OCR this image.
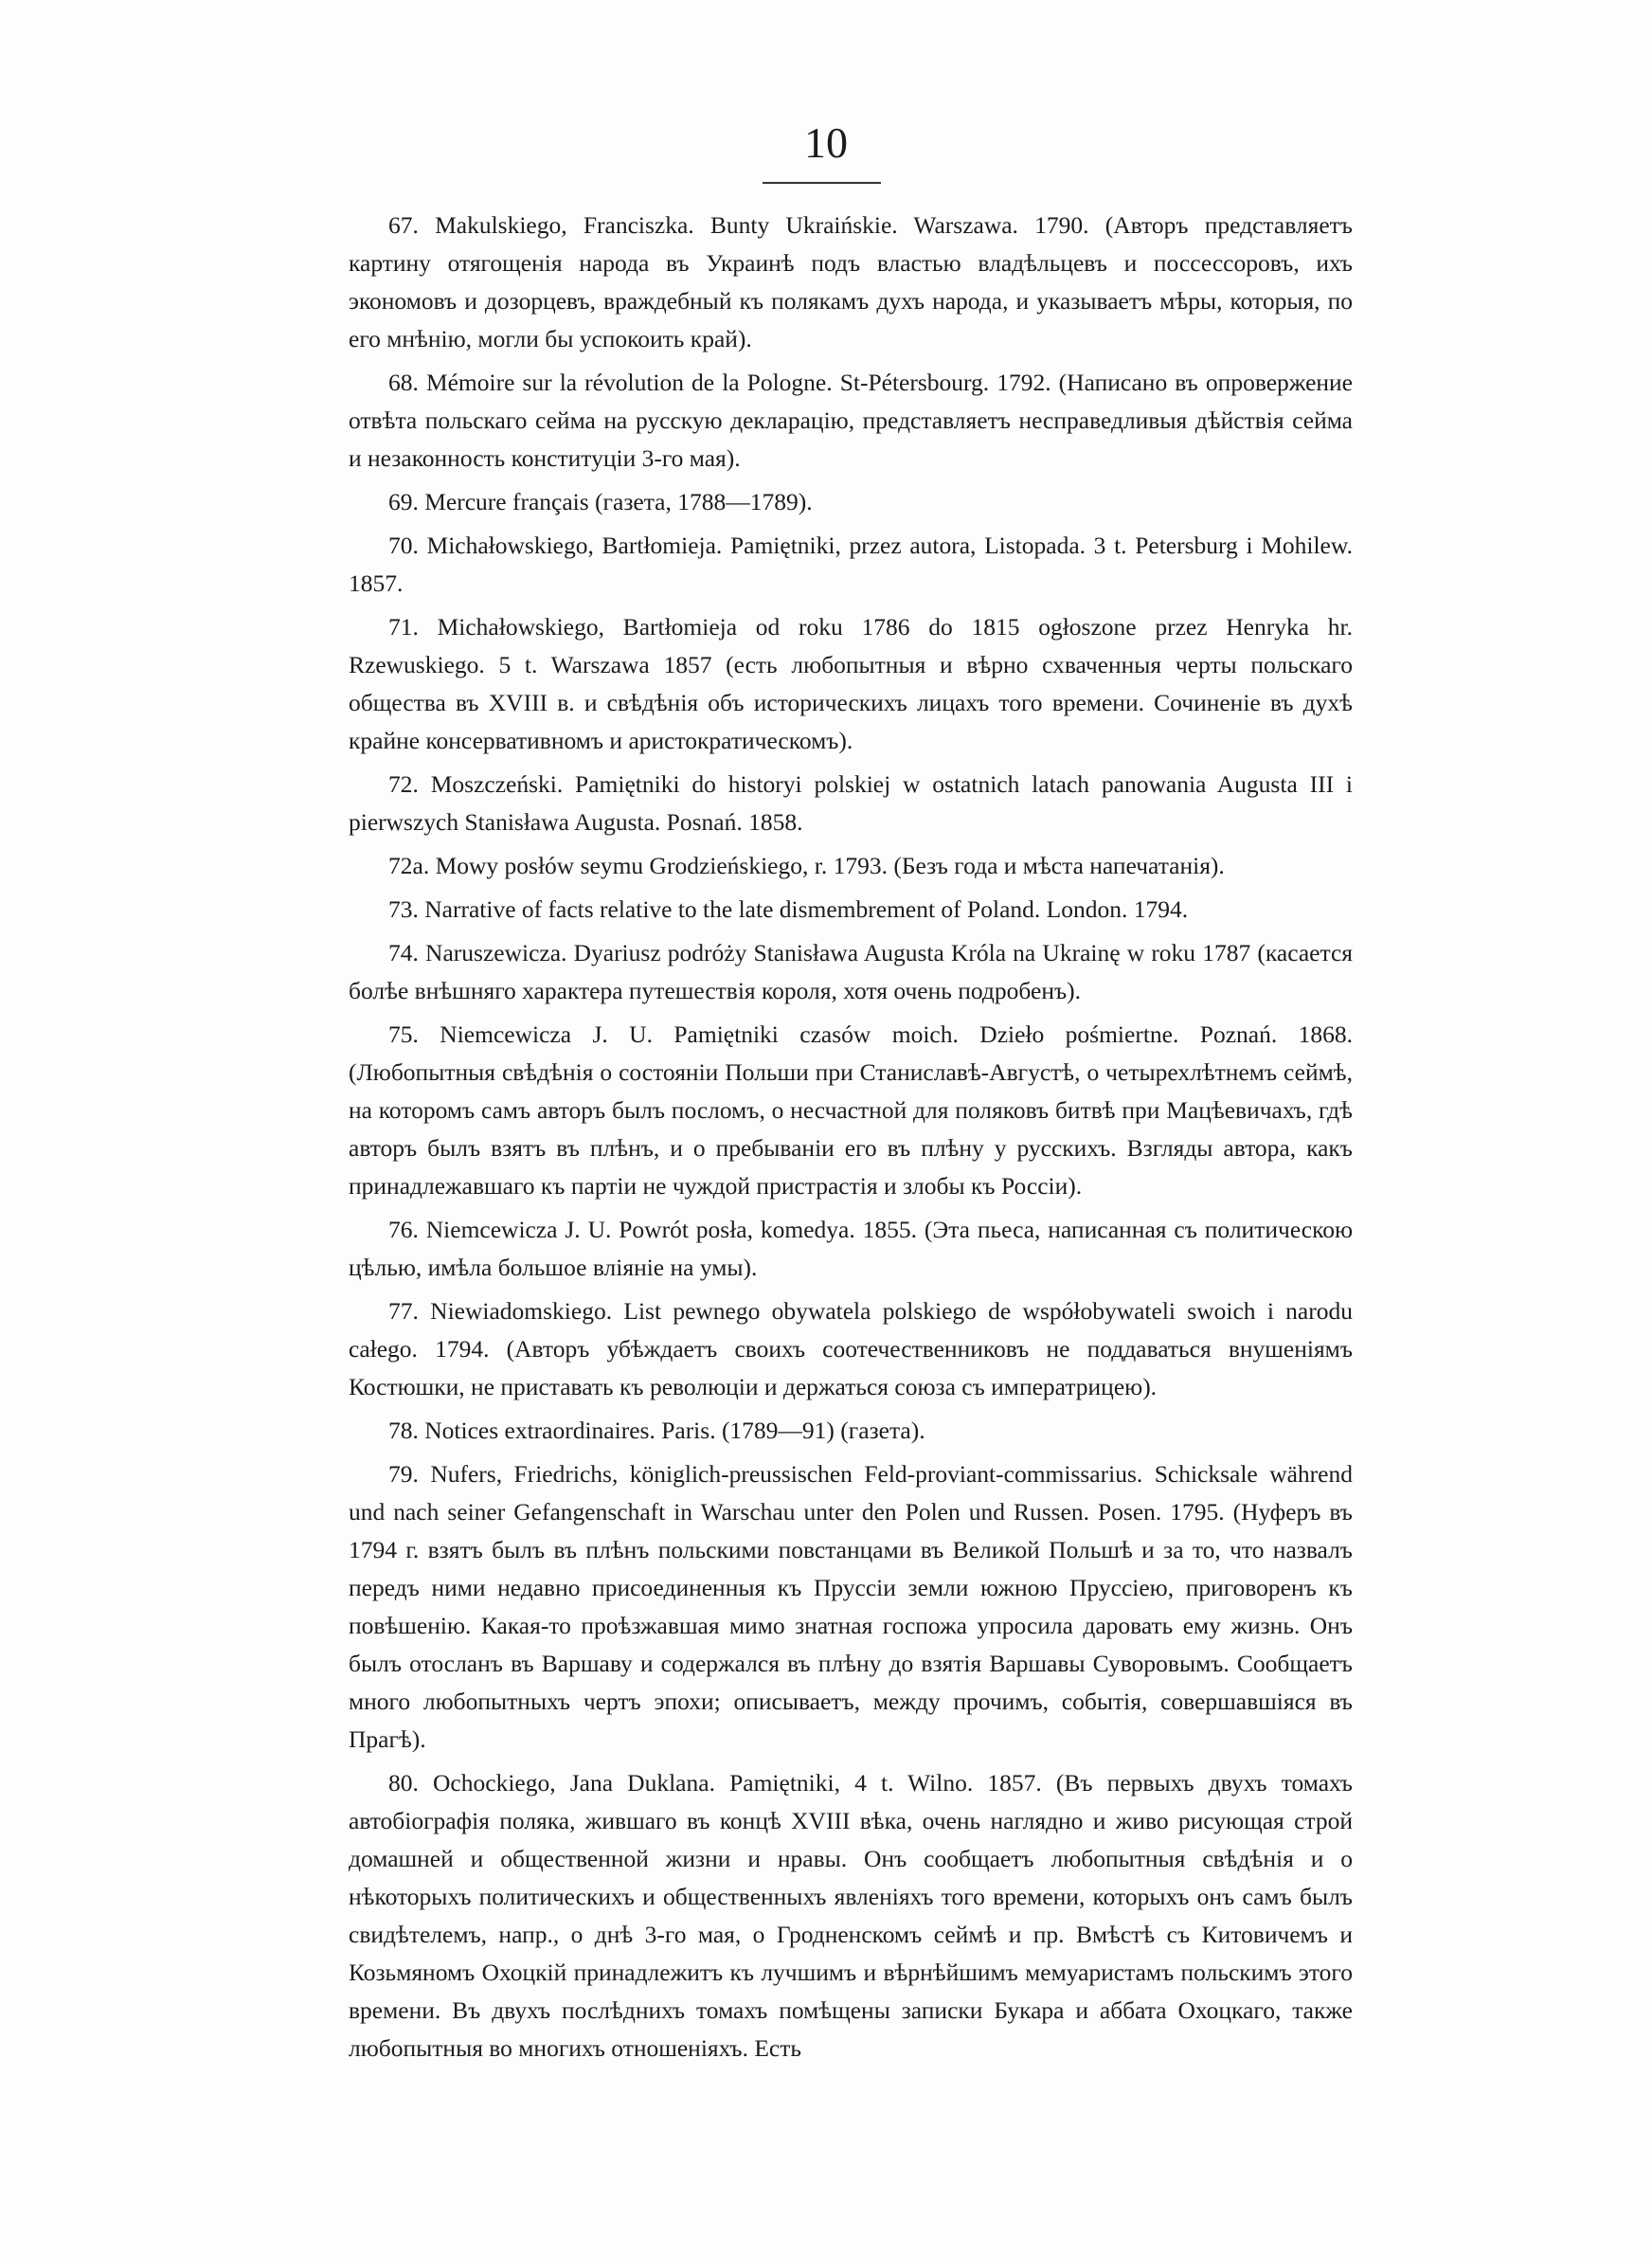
10

67. Makulskiego, Franciszka. Bunty Ukraińskie. Warszawa. 1790. (Авторъ представляетъ картину отягощенія народа въ Украинѣ подъ властью владѣльцевъ и поссессоровъ, ихъ экономовъ и дозорцевъ, враждебный къ полякамъ духъ народа, и указываетъ мѣры, которыя, по его мнѣнію, могли бы успокоить край).

68. Mémoire sur la révolution de la Pologne. St-Pétersbourg. 1792. (Написано въ опровержение отвѣта польскаго сейма на русскую декларацію, представляетъ несправедливыя дѣйствія сейма и незаконность конституціи 3-го мая).

69. Mercure français (газета, 1788—1789).

70. Michałowskiego, Bartłomieja. Pamiętniki, przez autora, Listopada. 3 t. Petersburg i Mohilew. 1857.

71. Michałowskiego, Bartłomieja od roku 1786 do 1815 ogłoszone przez Henryka hr. Rzewuskiego. 5 t. Warszawa 1857 (есть любопытныя и вѣрно схваченныя черты польскаго общества въ XVIII в. и свѣдѣнія объ историческихъ лицахъ того времени. Сочиненіе въ духѣ крайне консервативномъ и аристократическомъ).

72. Moszczeński. Pamiętniki do historyi polskiej w ostatnich latach panowania Augusta III i pierwszych Stanisława Augusta. Posnań. 1858.

72a. Mowy posłów seymu Grodzieńskiego, r. 1793. (Безъ года и мѣста напечатанія).

73. Narrative of facts relative to the late dismembrement of Poland. London. 1794.

74. Naruszewicza. Dyariusz podróży Stanisława Augusta Króla na Ukrainę w roku 1787 (касается болѣе внѣшняго характера путешествія короля, хотя очень подробенъ).

75. Niemcewicza J. U. Pamiętniki czasów moich. Dzieło pośmiertne. Poznań. 1868. (Любопытныя свѣдѣнія о состояніи Польши при Станиславѣ-Августѣ, о четырехлѣтнемъ сеймѣ, на которомъ самъ авторъ былъ посломъ, о несчастной для поляковъ битвѣ при Мацѣевичахъ, гдѣ авторъ былъ взятъ въ плѣнъ, и о пребываніи его въ плѣну у русскихъ. Взгляды автора, какъ принадлежавшаго къ партіи не чуждой пристрастія и злобы къ Россіи).

76. Niemcewicza J. U. Powrót posła, komedya. 1855. (Эта пьеса, написанная съ политическою цѣлью, имѣла большое вліяніе на умы).

77. Niewiadomskiego. List pewnego obywatela polskiego de współobywateli swoich i narodu całego. 1794. (Авторъ убѣждаетъ своихъ соотечественниковъ не поддаваться внушеніямъ Костюшки, не приставать къ революціи и держаться союза съ императрицею).

78. Notices extraordinaires. Paris. (1789—91) (газета).

79. Nufers, Friedrichs, königlich-preussischen Feld-proviant-commissarius. Schicksale während und nach seiner Gefangenschaft in Warschau unter den Polen und Russen. Posen. 1795. (Нуферъ въ 1794 г. взятъ былъ въ плѣнъ польскими повстанцами въ Великой Польшѣ и за то, что назвалъ передъ ними недавно присоединенныя къ Пруссіи земли южною Пруссіею, приговоренъ къ повѣшенію. Какая-то проѣзжавшая мимо знатная госпожа упросила даровать ему жизнь. Онъ былъ отосланъ въ Варшаву и содержался въ плѣну до взятія Варшавы Суворовымъ. Сообщаетъ много любопытныхъ чертъ эпохи; описываетъ, между прочимъ, событія, совершавшіяся въ Прагѣ).

80. Ochockiego, Jana Duklana. Pamiętniki, 4 t. Wilno. 1857. (Въ первыхъ двухъ томахъ автобіографія поляка, жившаго въ концѣ XVIII вѣка, очень наглядно и живо рисующая строй домашней и общественной жизни и нравы. Онъ сообщаетъ любопытныя свѣдѣнія и о нѣкоторыхъ политическихъ и общественныхъ явленіяхъ того времени, которыхъ онъ самъ былъ свидѣтелемъ, напр., о днѣ 3-го мая, о Гродненскомъ сеймѣ и пр. Вмѣстѣ съ Китовичемъ и Козьмяномъ Охоцкій принадлежитъ къ лучшимъ и вѣрнѣйшимъ мемуаристамъ польскимъ этого времени. Въ двухъ послѣднихъ томахъ помѣщены записки Букара и аббата Охоцкаго, также любопытныя во многихъ отношеніяхъ. Есть
